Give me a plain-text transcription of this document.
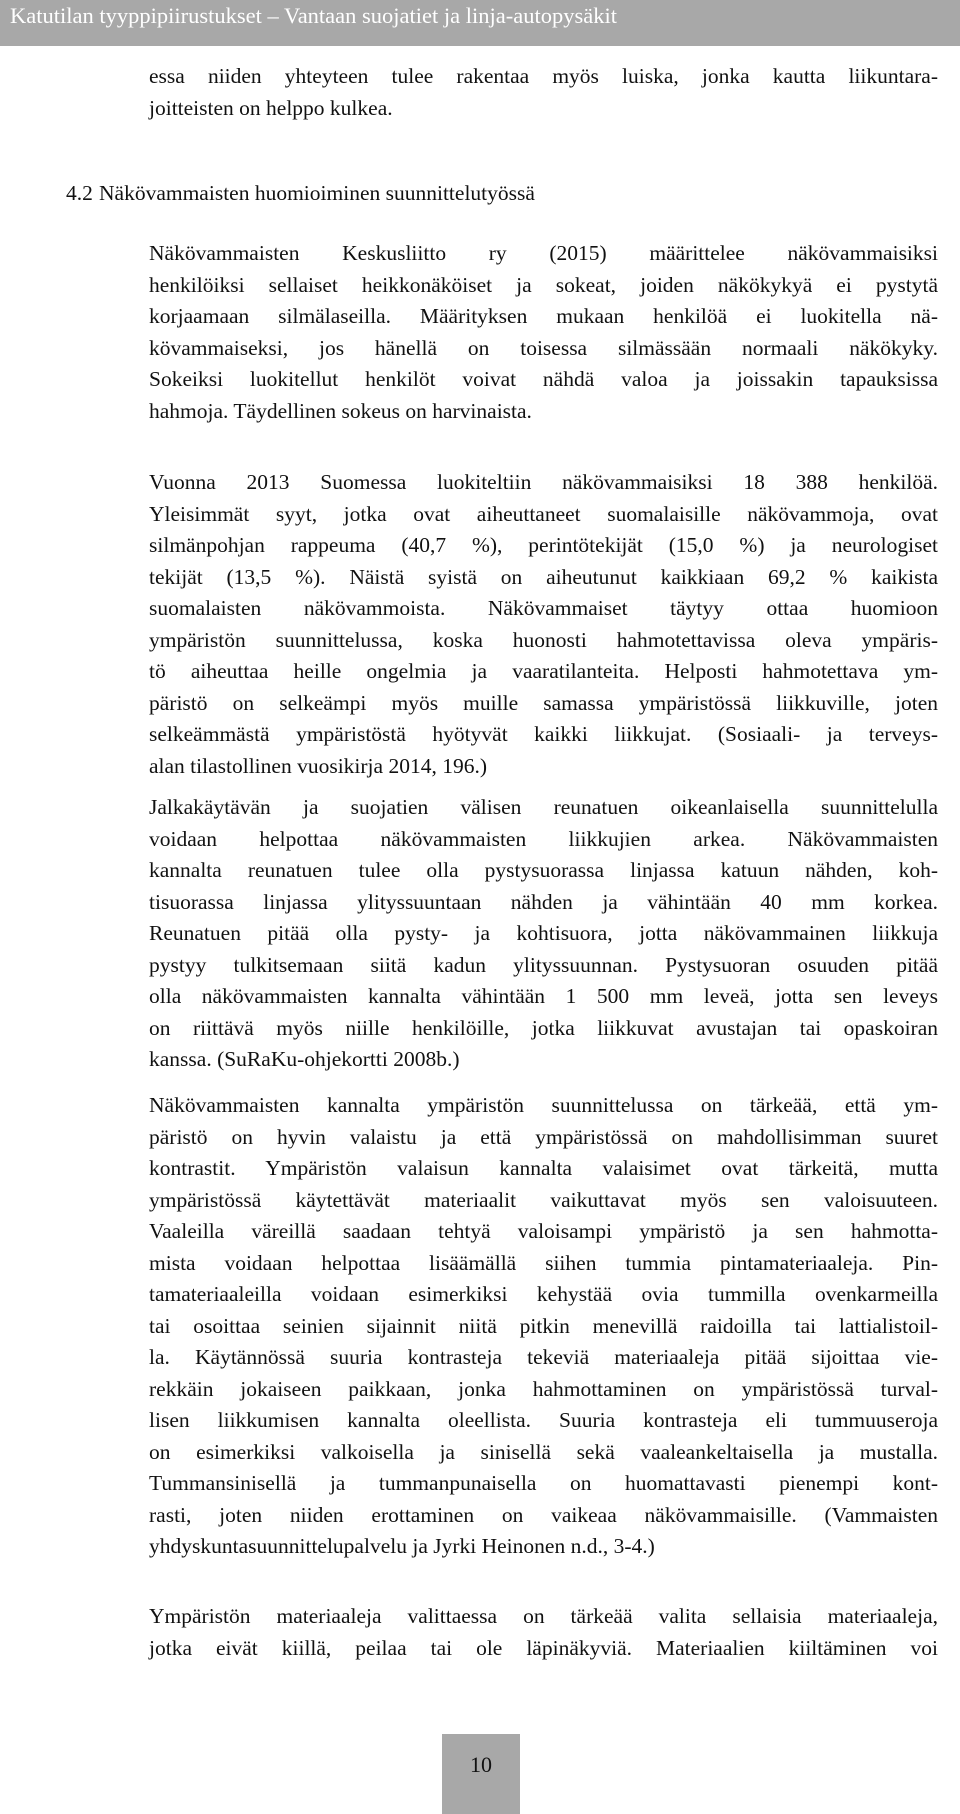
Katutilan tyyppipiirustukset – Vantaan suojatiet ja linja-autopysäkit

essa niiden yhteyteen tulee rakentaa myös luiska, jonka kautta liikuntara-
joitteisten on helppo kulkea.

4.2 Näkövammaisten huomioiminen suunnittelutyössä

Näkövammaisten Keskusliitto ry (2015) määrittelee näkövammaisiksi
henkilöiksi sellaiset heikkonäköiset ja sokeat, joiden näkökykyä ei pystytä
korjaamaan silmälaseilla. Määrityksen mukaan henkilöä ei luokitella nä-
kövammaiseksi, jos hänellä on toisessa silmässään normaali näkökyky.
Sokeiksi luokitellut henkilöt voivat nähdä valoa ja joissakin tapauksissa
hahmoja. Täydellinen sokeus on harvinaista.

Vuonna 2013 Suomessa luokiteltiin näkövammaisiksi 18 388 henkilöä.
Yleisimmät syyt, jotka ovat aiheuttaneet suomalaisille näkövammoja, ovat
silmänpohjan rappeuma (40,7 %), perintötekijät (15,0 %) ja neurologiset
tekijät (13,5 %). Näistä syistä on aiheutunut kaikkiaan 69,2 % kaikista
suomalaisten näkövammoista. Näkövammaiset täytyy ottaa huomioon
ympäristön suunnittelussa, koska huonosti hahmotettavissa oleva ympäris-
tö aiheuttaa heille ongelmia ja vaaratilanteita. Helposti hahmotettava ym-
päristö on selkeämpi myös muille samassa ympäristössä liikkuville, joten
selkeämmästä ympäristöstä hyötyvät kaikki liikkujat. (Sosiaali- ja terveys-
alan tilastollinen vuosikirja 2014, 196.)

Jalkakäytävän ja suojatien välisen reunatuen oikeanlaisella suunnittelulla
voidaan helpottaa näkövammaisten liikkujien arkea. Näkövammaisten
kannalta reunatuen tulee olla pystysuorassa linjassa katuun nähden, koh-
tisuorassa linjassa ylityssuuntaan nähden ja vähintään 40 mm korkea.
Reunatuen pitää olla pysty- ja kohtisuora, jotta näkövammainen liikkuja
pystyy tulkitsemaan siitä kadun ylityssuunnan. Pystysuoran osuuden pitää
olla näkövammaisten kannalta vähintään 1 500 mm leveä, jotta sen leveys
on riittävä myös niille henkilöille, jotka liikkuvat avustajan tai opaskoiran
kanssa. (SuRaKu-ohjekortti 2008b.)

Näkövammaisten kannalta ympäristön suunnittelussa on tärkeää, että ym-
päristö on hyvin valaistu ja että ympäristössä on mahdollisimman suuret
kontrastit. Ympäristön valaisun kannalta valaisimet ovat tärkeitä, mutta
ympäristössä käytettävät materiaalit vaikuttavat myös sen valoisuuteen.
Vaaleilla väreillä saadaan tehtyä valoisampi ympäristö ja sen hahmotta-
mista voidaan helpottaa lisäämällä siihen tummia pintamateriaaleja. Pin-
tamateriaaleilla voidaan esimerkiksi kehystää ovia tummilla ovenkarmeilla
tai osoittaa seinien sijainnit niitä pitkin menevillä raidoilla tai lattialistoil-
la. Käytännössä suuria kontrasteja tekeviä materiaaleja pitää sijoittaa vie-
rekkäin jokaiseen paikkaan, jonka hahmottaminen on ympäristössä turval-
lisen liikkumisen kannalta oleellista. Suuria kontrasteja eli tummuuseroja
on esimerkiksi valkoisella ja sinisellä sekä vaaleankeltaisella ja mustalla.
Tummansinisellä ja tummanpunaisella on huomattavasti pienempi kont-
rasti, joten niiden erottaminen on vaikeaa näkövammaisille. (Vammaisten
yhdyskuntasuunnittelupalvelu ja Jyrki Heinonen n.d., 3-4.)

Ympäristön materiaaleja valittaessa on tärkeää valita sellaisia materiaaleja,
jotka eivät kiillä, peilaa tai ole läpinäkyviä. Materiaalien kiiltäminen voi

10
